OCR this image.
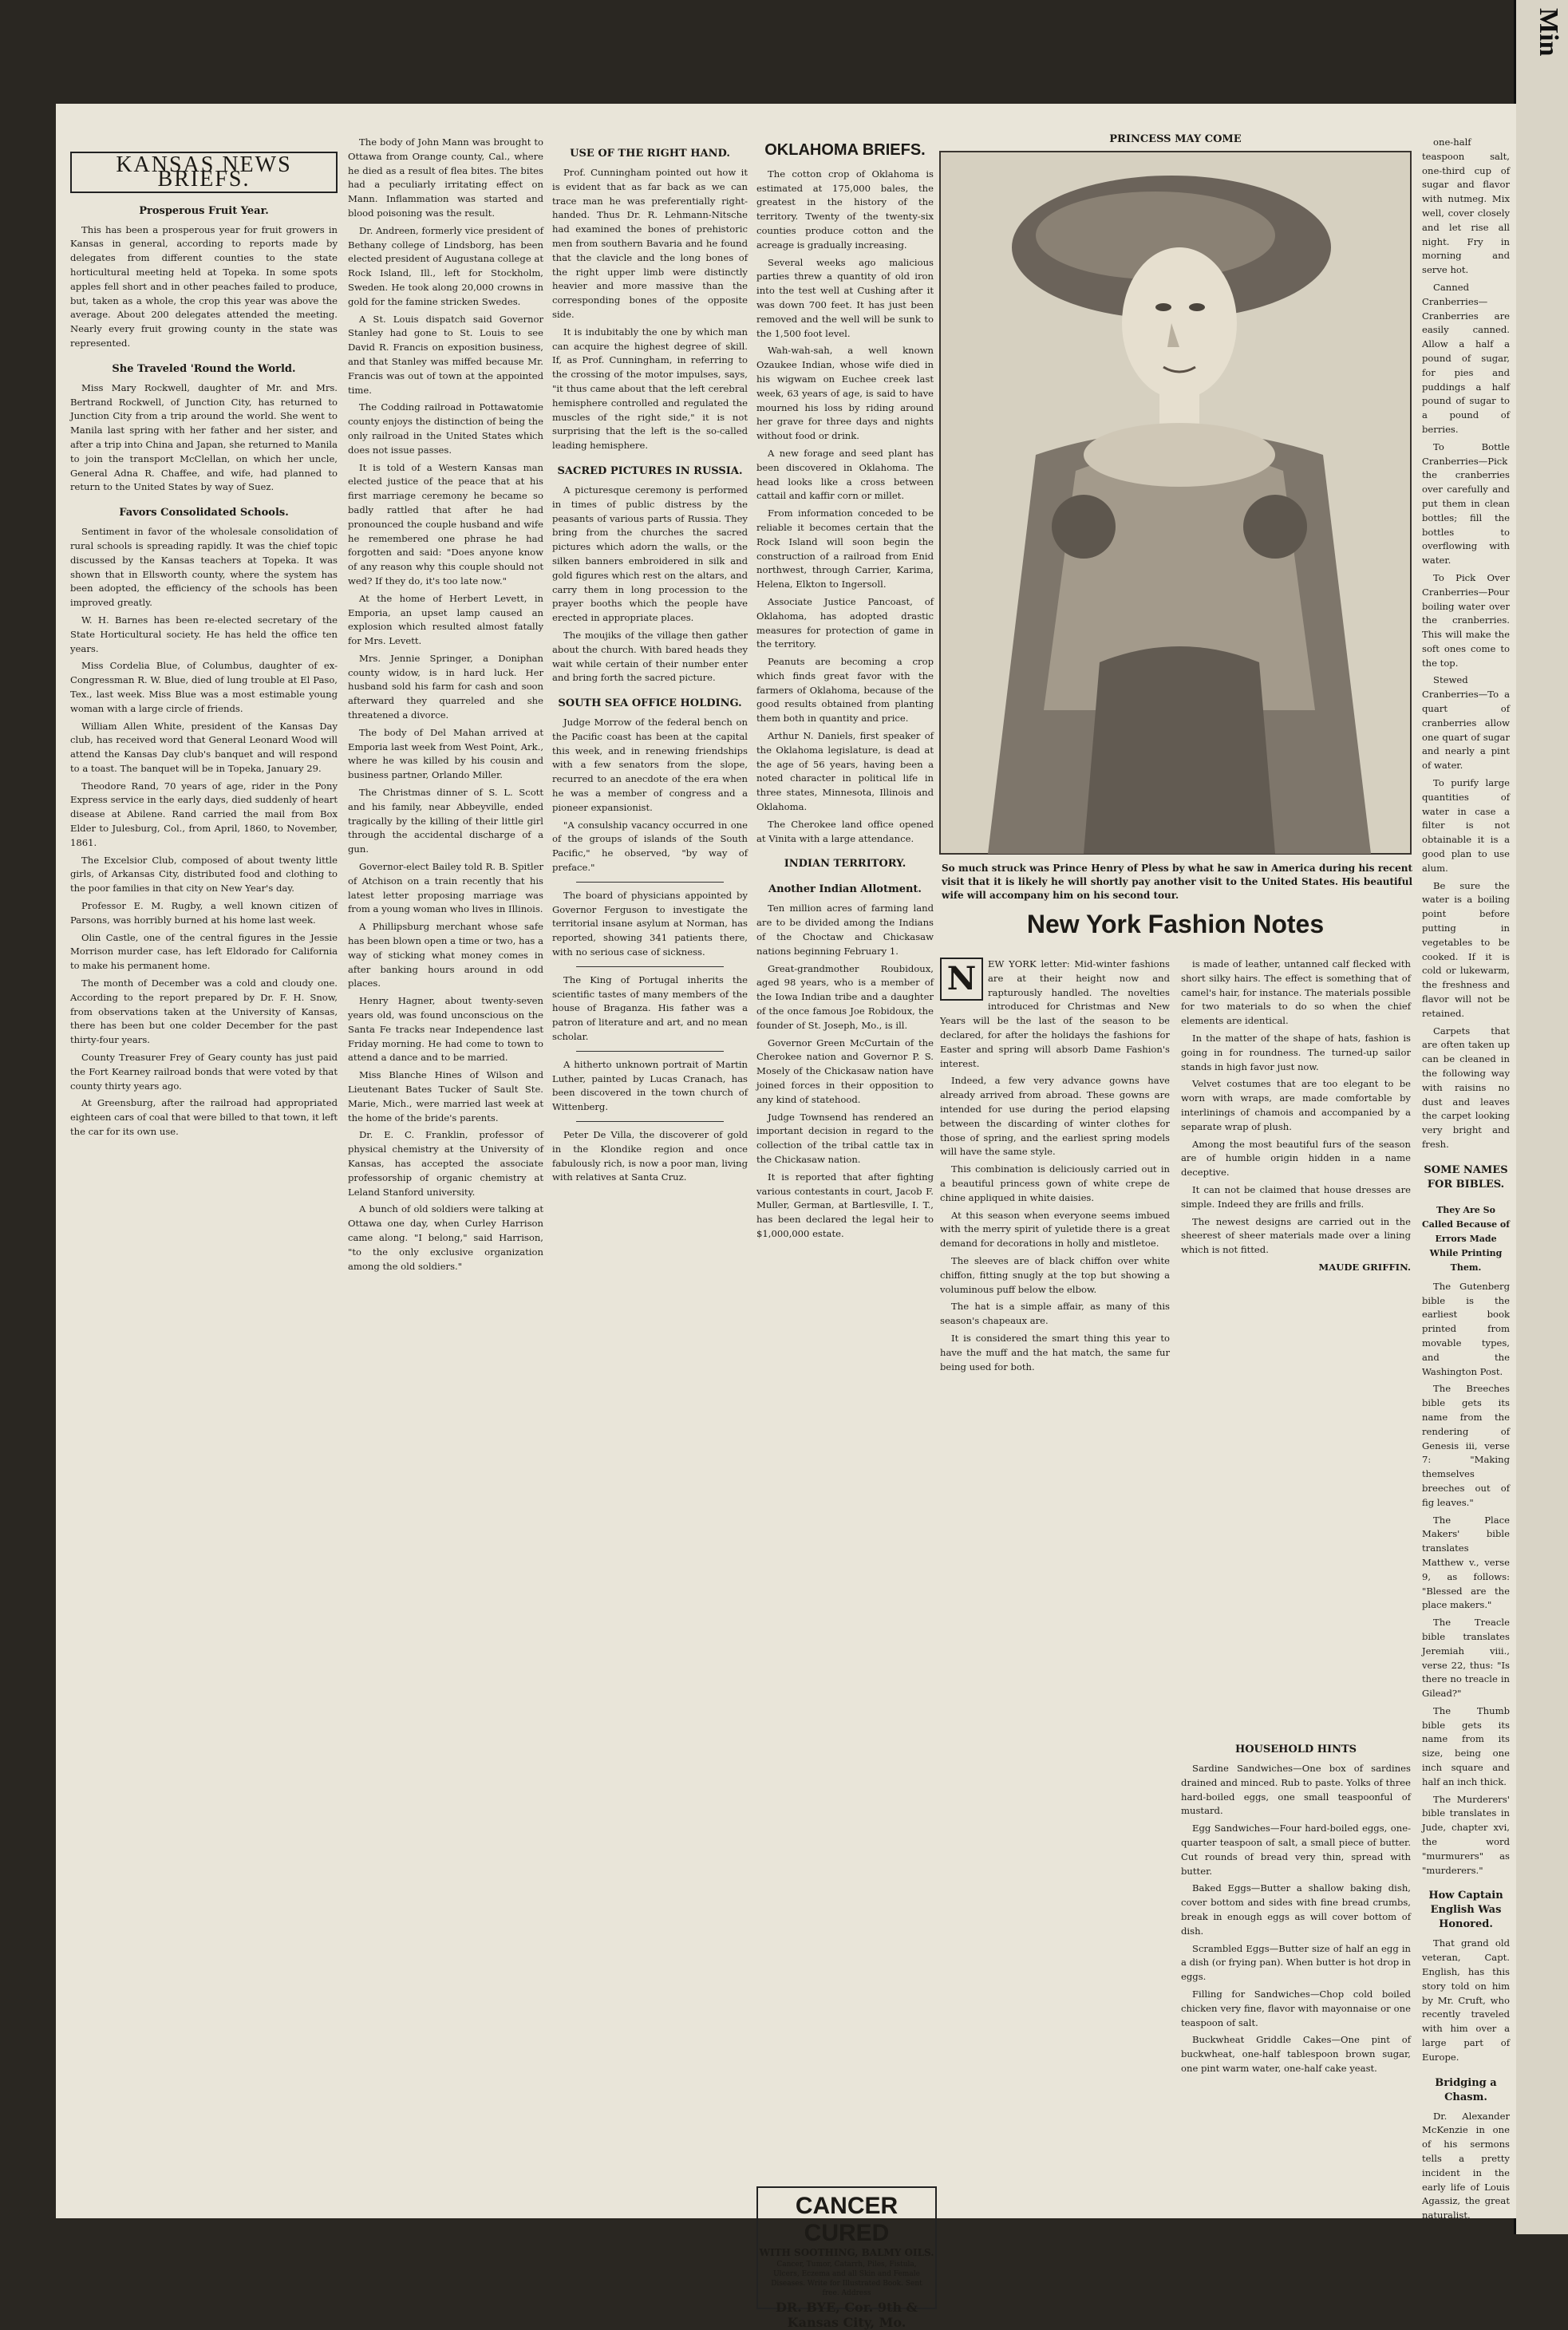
Min
KANSAS NEWS BRIEFS.
Prosperous Fruit Year.

This has been a prosperous year for fruit growers in Kansas in general, according to reports made by delegates from different counties to the state horticultural meeting held at Topeka. In some spots apples fell short and in other peaches failed to produce, but, taken as a whole, the crop this year was above the average. About 200 delegates attended the meeting. Nearly every fruit growing county in the state was represented.

She Traveled 'Round the World.

Miss Mary Rockwell, daughter of Mr. and Mrs. Bertrand Rockwell, of Junction City, has returned to Junction City from a trip around the world. She went to Manila last spring with her father and her sister, and after a trip into China and Japan, she returned to Manila to join the transport McClellan, on which her uncle, General Adna R. Chaffee, and wife, had planned to return to the United States by way of Suez.

Favors Consolidated Schools.

Sentiment in favor of the wholesale consolidation of rural schools is spreading rapidly. It was the chief topic discussed by the Kansas teachers at Topeka. It was shown that in Ellsworth county, where the system has been adopted, the efficiency of the schools has been improved greatly.

W. H. Barnes has been re-elected secretary of the State Horticultural society. He has held the office ten years.

Miss Cordelia Blue, of Columbus, daughter of ex-Congressman R. W. Blue, died of lung trouble at El Paso, Tex., last week. Miss Blue was a most estimable young woman with a large circle of friends.

William Allen White, president of the Kansas Day club, has received word that General Leonard Wood will attend the Kansas Day club's banquet and will respond to a toast. The banquet will be in Topeka, January 29.

Theodore Rand, 70 years of age, rider in the Pony Express service in the early days, died suddenly of heart disease at Abilene. Rand carried the mail from Box Elder to Julesburg, Col., from April, 1860, to November, 1861.

The Excelsior Club, composed of about twenty little girls, of Arkansas City, distributed food and clothing to the poor families in that city on New Year's day.

Professor E. M. Rugby, a well known citizen of Parsons, was horribly burned at his home last week.

Olin Castle, one of the central figures in the Jessie Morrison murder case, has left Eldorado for California to make his permanent home.

The month of December was a cold and cloudy one. According to the report prepared by Dr. F. H. Snow, from observations taken at the University of Kansas, there has been but one colder December for the past thirty-four years.

County Treasurer Frey of Geary county has just paid the Fort Kearney railroad bonds that were voted by that county thirty years ago.

At Greensburg, after the railroad had appropriated eighteen cars of coal that were billed to that town, it left the car for its own use.

The body of John Mann was brought to Ottawa from Orange county, Cal., where he died as a result of flea bites. The bites had a peculiarly irritating effect on Mann. Inflammation was started and blood poisoning was the result.

Dr. Andreen, formerly vice president of Bethany college of Lindsborg, has been elected president of Augustana college at Rock Island, Ill., left for Stockholm, Sweden. He took along 20,000 crowns in gold for the famine stricken Swedes.

A St. Louis dispatch said Governor Stanley had gone to St. Louis to see David R. Francis on exposition business, and that Stanley was miffed because Mr. Francis was out of town at the appointed time.

The Codding railroad in Pottawatomie county enjoys the distinction of being the only railroad in the United States which does not issue passes.

It is told of a Western Kansas man elected justice of the peace that at his first marriage ceremony he became so badly rattled that after he had pronounced the couple husband and wife he remembered one phrase he had forgotten and said: "Does anyone know of any reason why this couple should not wed? If they do, it's too late now."

At the home of Herbert Levett, in Emporia, an upset lamp caused an explosion which resulted almost fatally for Mrs. Levett.

Mrs. Jennie Springer, a Doniphan county widow, is in hard luck. Her husband sold his farm for cash and soon afterward they quarreled and she threatened a divorce.

The body of Del Mahan arrived at Emporia last week from West Point, Ark., where he was killed by his cousin and business partner, Orlando Miller.

The Christmas dinner of S. L. Scott and his family, near Abbeyville, ended tragically by the killing of their little girl through the accidental discharge of a gun.

Governor-elect Bailey told R. B. Spitler of Atchison on a train recently that his latest letter proposing marriage was from a young woman who lives in Illinois.

A Phillipsburg merchant whose safe has been blown open a time or two, has a way of sticking what money comes in after banking hours around in odd places.

Henry Hagner, about twenty-seven years old, was found unconscious on the Santa Fe tracks near Independence last Friday morning. He had come to town to attend a dance and to be married.

Miss Blanche Hines of Wilson and Lieutenant Bates Tucker of Sault Ste. Marie, Mich., were married last week at the home of the bride's parents.

Dr. E. C. Franklin, professor of physical chemistry at the University of Kansas, has accepted the associate professorship of organic chemistry at Leland Stanford university.

A bunch of old soldiers were talking at Ottawa one day, when Curley Harrison came along. "I belong," said Harrison, "to the only exclusive organization among the old soldiers."

USE OF THE RIGHT HAND.

Prof. Cunningham pointed out how it is evident that as far back as we can trace man he was preferentially right-handed. Thus Dr. R. Lehmann-Nitsche had examined the bones of prehistoric men from southern Bavaria and he found that the clavicle and the long bones of the right upper limb were distinctly heavier and more massive than the corresponding bones of the opposite side.

It is indubitably the one by which man can acquire the highest degree of skill. If, as Prof. Cunningham, in referring to the crossing of the motor impulses, says, "it thus came about that the left cerebral hemisphere controlled and regulated the muscles of the right side," it is not surprising that the left is the so-called leading hemisphere.

SACRED PICTURES IN RUSSIA.

A picturesque ceremony is performed in times of public distress by the peasants of various parts of Russia. They bring from the churches the sacred pictures which adorn the walls, or the silken banners embroidered in silk and gold figures which rest on the altars, and carry them in long procession to the prayer booths which the people have erected in appropriate places.

The moujiks of the village then gather about the church. With bared heads they wait while certain of their number enter and bring forth the sacred picture.

SOUTH SEA OFFICE HOLDING.

Judge Morrow of the federal bench on the Pacific coast has been at the capital this week, and in renewing friendships with a few senators from the slope, recurred to an anecdote of the era when he was a member of congress and a pioneer expansionist.

"A consulship vacancy occurred in one of the groups of islands of the South Pacific," he observed, "by way of preface."

The board of physicians appointed by Governor Ferguson to investigate the territorial insane asylum at Norman, has reported, showing 341 patients there, with no serious case of sickness.

The King of Portugal inherits the scientific tastes of many members of the house of Braganza. His father was a patron of literature and art, and no mean scholar.

A hitherto unknown portrait of Martin Luther, painted by Lucas Cranach, has been discovered in the town church of Wittenberg.

Peter De Villa, the discoverer of gold in the Klondike region and once fabulously rich, is now a poor man, living with relatives at Santa Cruz.

OKLAHOMA BRIEFS.

The cotton crop of Oklahoma is estimated at 175,000 bales, the greatest in the history of the territory. Twenty of the twenty-six counties produce cotton and the acreage is gradually increasing.

Several weeks ago malicious parties threw a quantity of old iron into the test well at Cushing after it was down 700 feet. It has just been removed and the well will be sunk to the 1,500 foot level.

Wah-wah-sah, a well known Ozaukee Indian, whose wife died in his wigwam on Euchee creek last week, 63 years of age, is said to have mourned his loss by riding around her grave for three days and nights without food or drink.

A new forage and seed plant has been discovered in Oklahoma. The head looks like a cross between cattail and kaffir corn or millet.

From information conceded to be reliable it becomes certain that the Rock Island will soon begin the construction of a railroad from Enid northwest, through Carrier, Karima, Helena, Elkton to Ingersoll.

Associate Justice Pancoast, of Oklahoma, has adopted drastic measures for protection of game in the territory.

Peanuts are becoming a crop which finds great favor with the farmers of Oklahoma, because of the good results obtained from planting them both in quantity and price.

Arthur N. Daniels, first speaker of the Oklahoma legislature, is dead at the age of 56 years, having been a noted character in political life in three states, Minnesota, Illinois and Oklahoma.

The Cherokee land office opened at Vinita with a large attendance.

INDIAN TERRITORY.
Another Indian Allotment.

Ten million acres of farming land are to be divided among the Indians of the Choctaw and Chickasaw nations beginning February 1.

Great-grandmother Roubidoux, aged 98 years, who is a member of the Iowa Indian tribe and a daughter of the once famous Joe Robidoux, the founder of St. Joseph, Mo., is ill.

Governor Green McCurtain of the Cherokee nation and Governor P. S. Mosely of the Chickasaw nation have joined forces in their opposition to any kind of statehood.

Judge Townsend has rendered an important decision in regard to the collection of the tribal cattle tax in the Chickasaw nation.

It is reported that after fighting various contestants in court, Jacob F. Muller, German, at Bartlesville, I. T., has been declared the legal heir to $1,000,000 estate.

CANCER CURED
WITH SOOTHING, BALMY OILS.
Cancer, Tumor, Catarrh, Piles, Fistula, Ulcers, Eczema and all Skin and Female Diseases. Write for Illustrated Book. Sent free. Address
DR. BYE, Cor. 9th & Kansas City, Mo.
PRINCESS MAY COME
So much struck was Prince Henry of Pless by what he saw in America during his recent visit that it is likely he will shortly pay another visit to the United States. His beautiful wife will accompany him on his second tour.
New York Fashion Notes

N	EW YORK letter: Mid-winter fashions are at their height now and rapturously handled. The novelties introduced for Christmas and New Years will be the last of the season to be declared, for after the holidays the fashions for Easter and spring will absorb Dame Fashion's interest.

Indeed, a few very advance gowns have already arrived from abroad. These gowns are intended for use during the period elapsing between the discarding of winter clothes for those of spring, and the earliest spring models will have the same style.

This combination is deliciously carried out in a beautiful princess gown of white crepe de chine appliqued in white daisies.

At this season when everyone seems imbued with the merry spirit of yuletide there is a great demand for decorations in holly and mistletoe.

The sleeves are of black chiffon over white chiffon, fitting snugly at the top but showing a voluminous puff below the elbow.

The hat is a simple affair, as many of this season's chapeaux are.

It is considered the smart thing this year to have the muff and the hat match, the same fur being used for both.

is made of leather, untanned calf flecked with short silky hairs. The effect is something that of camel's hair, for instance. The materials possible for two materials to do so when the chief elements are identical.

In the matter of the shape of hats, fashion is going in for roundness. The turned-up sailor stands in high favor just now.

Velvet costumes that are too elegant to be worn with wraps, are made comfortable by interlinings of chamois and accompanied by a separate wrap of plush.

Among the most beautiful furs of the season are of humble origin hidden in a name deceptive.

It can not be claimed that house dresses are simple. Indeed they are frills and frills.

The newest designs are carried out in the sheerest of sheer materials made over a lining which is not fitted.

MAUDE GRIFFIN.

HOUSEHOLD HINTS

Sardine Sandwiches—One box of sardines drained and minced. Rub to paste. Yolks of three hard-boiled eggs, one small teaspoonful of mustard.

Egg Sandwiches—Four hard-boiled eggs, one-quarter teaspoon of salt, a small piece of butter. Cut rounds of bread very thin, spread with butter.

Baked Eggs—Butter a shallow baking dish, cover bottom and sides with fine bread crumbs, break in enough eggs as will cover bottom of dish.

Scrambled Eggs—Butter size of half an egg in a dish (or frying pan). When butter is hot drop in eggs.

Filling for Sandwiches—Chop cold boiled chicken very fine, flavor with mayonnaise or one teaspoon of salt.

Buckwheat Griddle Cakes—One pint of buckwheat, one-half tablespoon brown sugar, one pint warm water, one-half cake yeast.

one-half teaspoon salt, one-third cup of sugar and flavor with nutmeg. Mix well, cover closely and let rise all night. Fry in morning and serve hot.

Canned Cranberries—Cranberries are easily canned. Allow a half a pound of sugar, for pies and puddings a half pound of sugar to a pound of berries.

To Bottle Cranberries—Pick the cranberries over carefully and put them in clean bottles; fill the bottles to overflowing with water.

To Pick Over Cranberries—Pour boiling water over the cranberries. This will make the soft ones come to the top.

Stewed Cranberries—To a quart of cranberries allow one quart of sugar and nearly a pint of water.

To purify large quantities of water in case a filter is not obtainable it is a good plan to use alum.

Be sure the water is a boiling point before putting in vegetables to be cooked. If it is cold or lukewarm, the freshness and flavor will not be retained.

Carpets that are often taken up can be cleaned in the following way with raisins no dust and leaves the carpet looking very bright and fresh.

SOME NAMES FOR BIBLES.
They Are So Called Because of Errors Made While Printing Them.

The Gutenberg bible is the earliest book printed from movable types, and the Washington Post.

The Breeches bible gets its name from the rendering of Genesis iii, verse 7: "Making themselves breeches out of fig leaves."

The Place Makers' bible translates Matthew v., verse 9, as follows: "Blessed are the place makers."

The Treacle bible translates Jeremiah viii., verse 22, thus: "Is there no treacle in Gilead?"

The Thumb bible gets its name from its size, being one inch square and half an inch thick.

The Murderers' bible translates in Jude, chapter xvi, the word "murmurers" as "murderers."

How Captain English Was Honored.

That grand old veteran, Capt. English, has this story told on him by Mr. Cruft, who recently traveled with him over a large part of Europe.

Bridging a Chasm.

Dr. Alexander McKenzie in one of his sermons tells a pretty incident in the early life of Louis Agassiz, the great naturalist.
